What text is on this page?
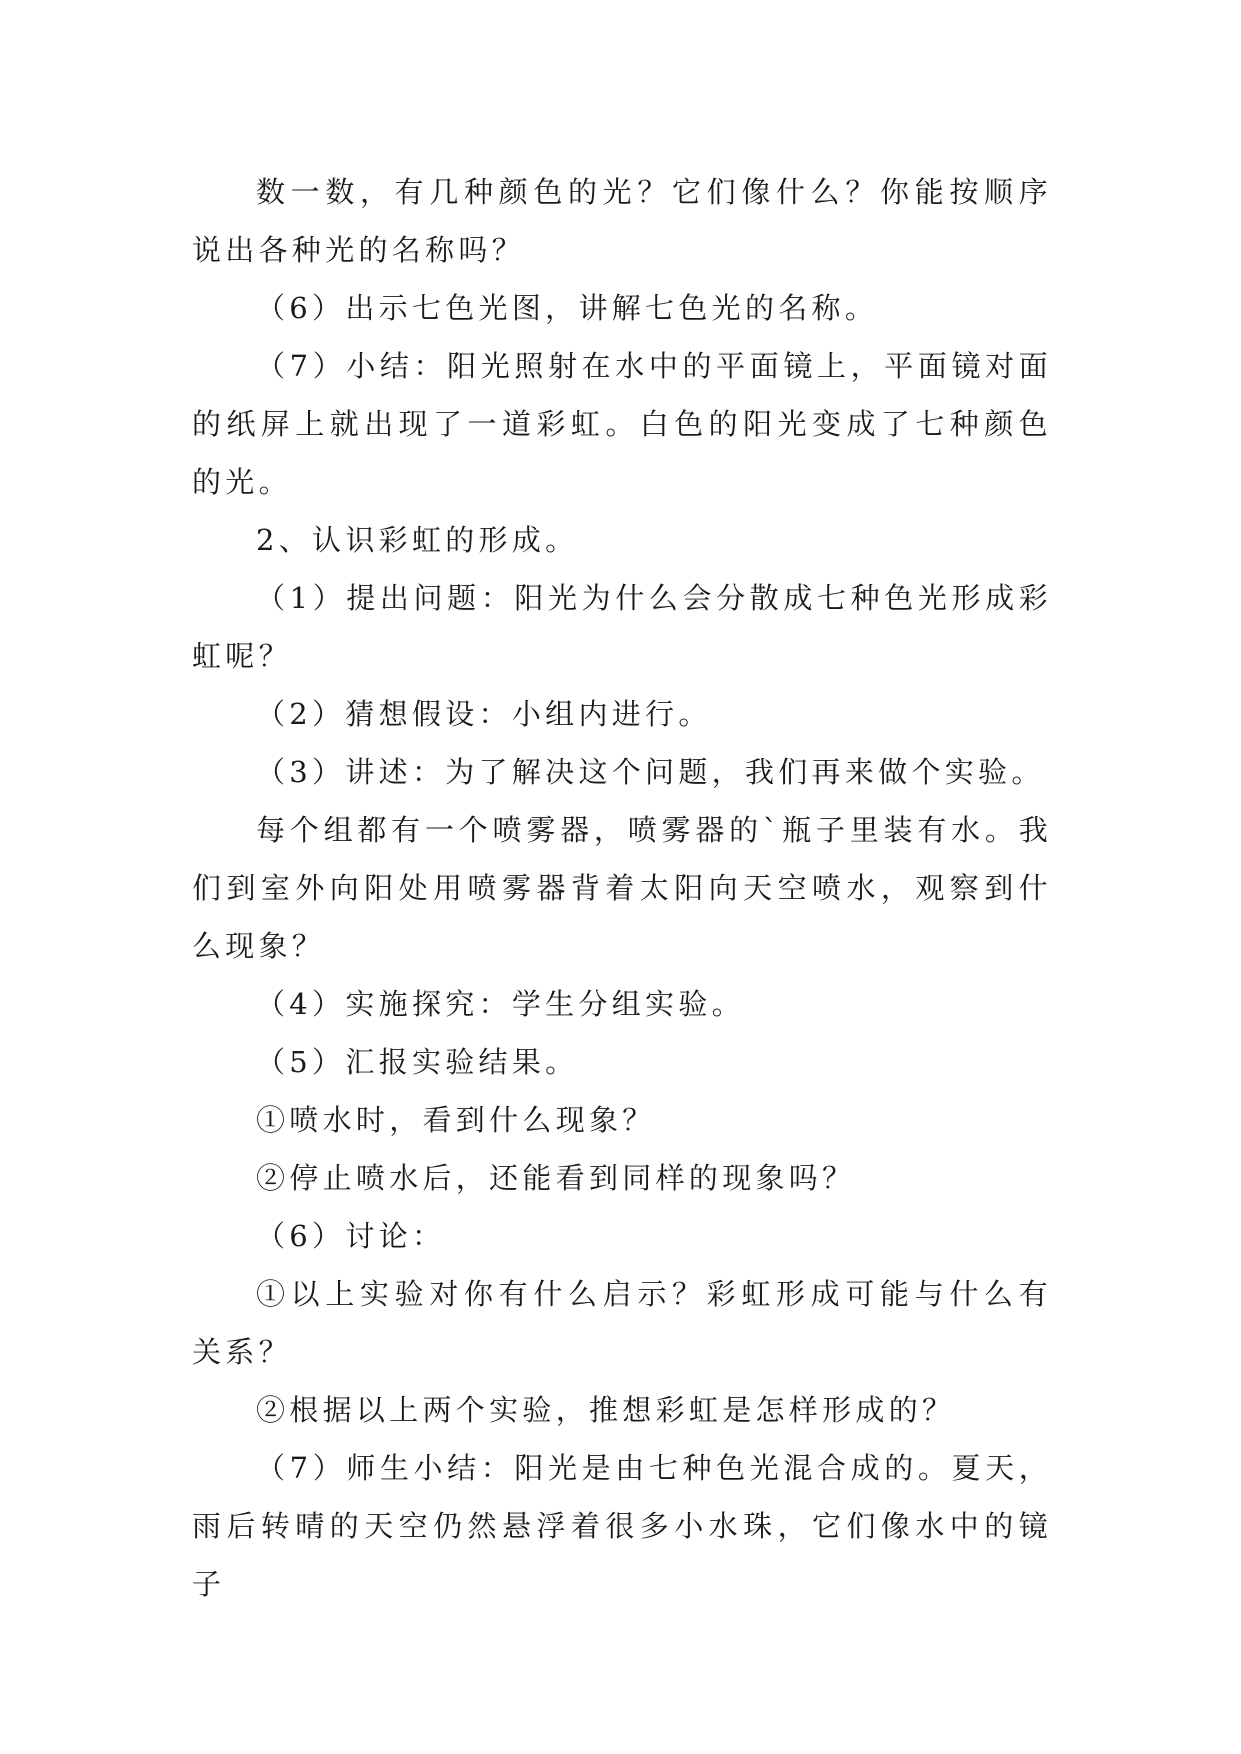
数一数，有几种颜色的光？它们像什么？你能按顺序说出各种光的名称吗？

（6）出示七色光图，讲解七色光的名称。

（7）小结：阳光照射在水中的平面镜上，平面镜对面的纸屏上就出现了一道彩虹。白色的阳光变成了七种颜色的光。

2、认识彩虹的形成。

（1）提出问题：阳光为什么会分散成七种色光形成彩虹呢？

（2）猜想假设：小组内进行。

（3）讲述：为了解决这个问题，我们再来做个实验。

每个组都有一个喷雾器，喷雾器的`瓶子里装有水。我们到室外向阳处用喷雾器背着太阳向天空喷水，观察到什么现象？

（4）实施探究：学生分组实验。

（5）汇报实验结果。

①喷水时，看到什么现象？

②停止喷水后，还能看到同样的现象吗？

（6）讨论：

①以上实验对你有什么启示？彩虹形成可能与什么有关系？

②根据以上两个实验，推想彩虹是怎样形成的？

（7）师生小结：阳光是由七种色光混合成的。夏天，雨后转晴的天空仍然悬浮着很多小水珠，它们像水中的镜子
